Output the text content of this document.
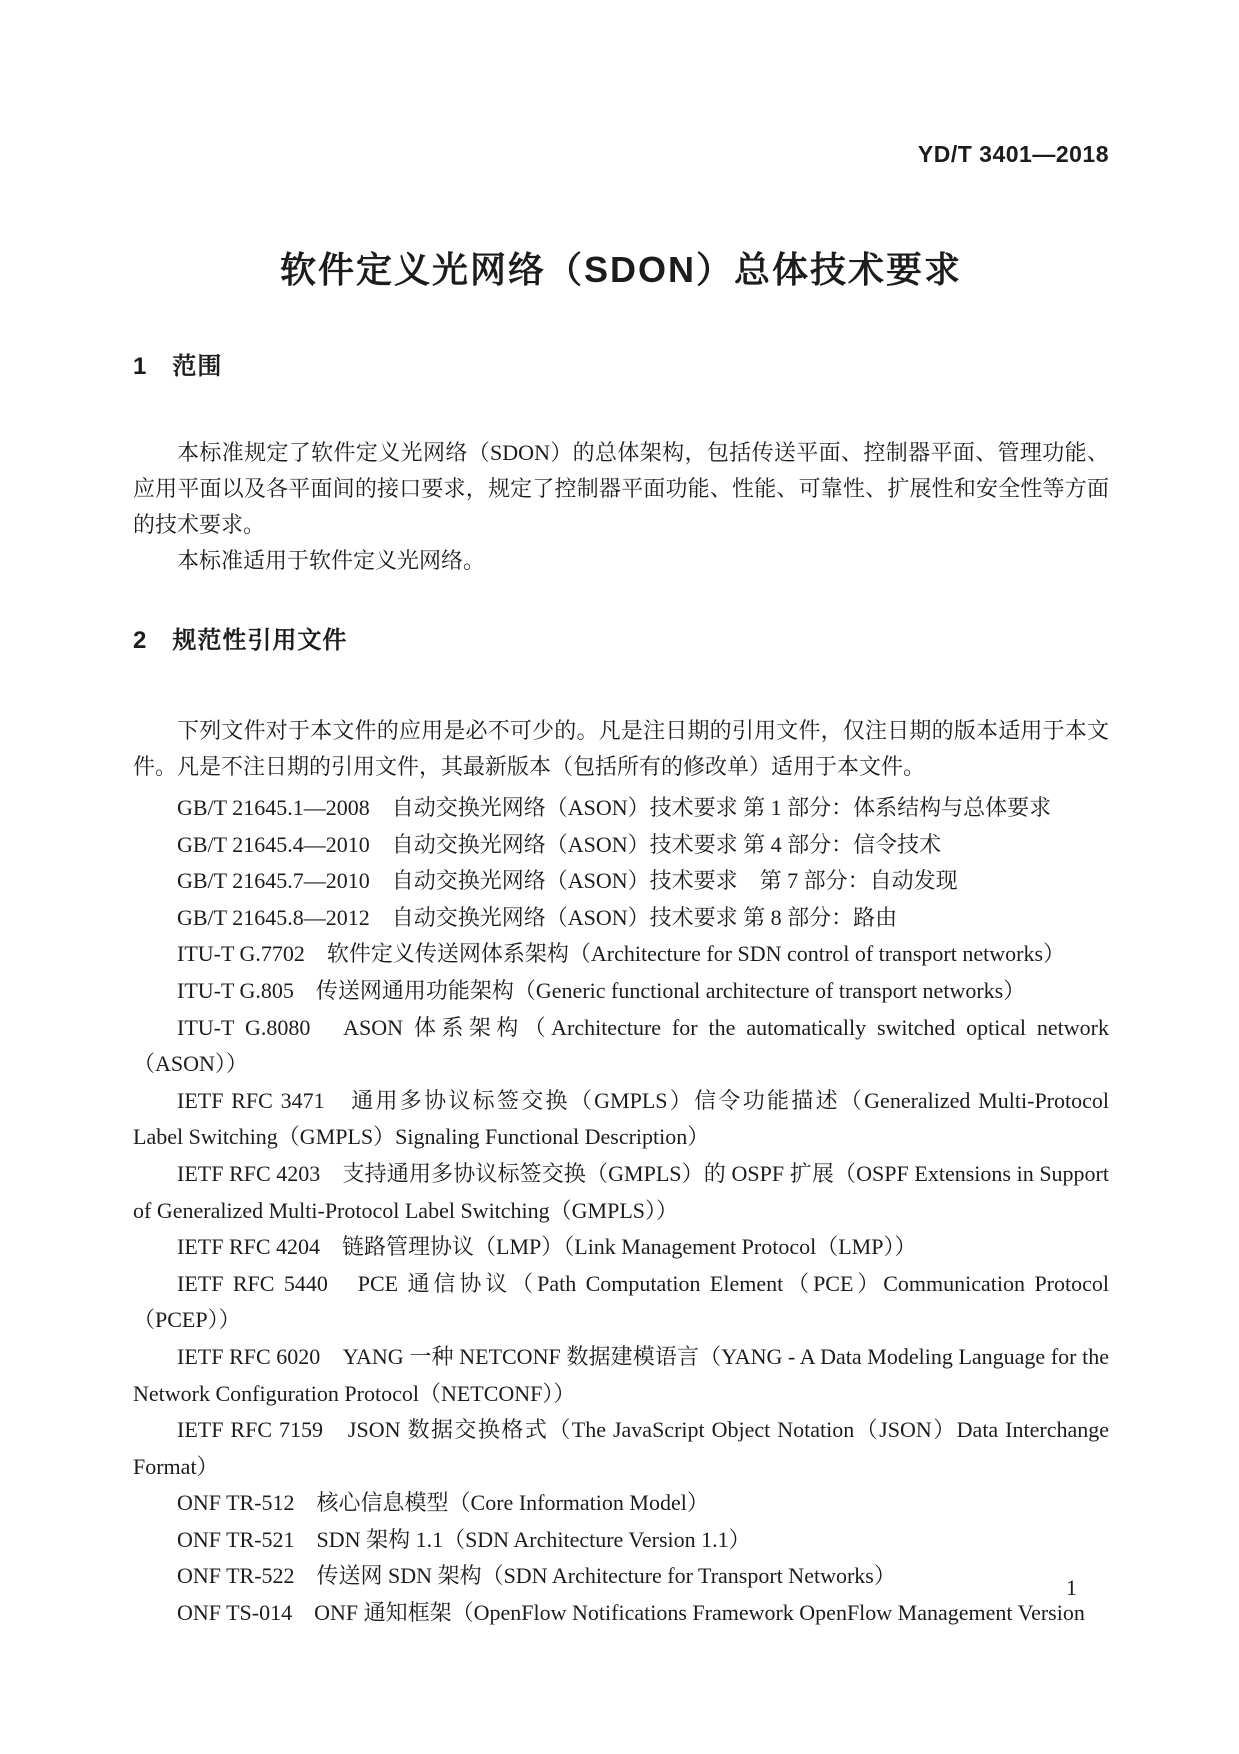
YD/T 3401—2018
软件定义光网络（SDON）总体技术要求
1　范围

本标准规定了软件定义光网络（SDON）的总体架构，包括传送平面、控制器平面、管理功能、应用平面以及各平面间的接口要求，规定了控制器平面功能、性能、可靠性、扩展性和安全性等方面的技术要求。

本标准适用于软件定义光网络。

2　规范性引用文件

下列文件对于本文件的应用是必不可少的。凡是注日期的引用文件，仅注日期的版本适用于本文件。凡是不注日期的引用文件，其最新版本（包括所有的修改单）适用于本文件。

GB/T 21645.1—2008　自动交换光网络（ASON）技术要求 第 1 部分：体系结构与总体要求

GB/T 21645.4—2010　自动交换光网络（ASON）技术要求 第 4 部分：信令技术

GB/T 21645.7—2010　自动交换光网络（ASON）技术要求　第 7 部分：自动发现

GB/T 21645.8—2012　自动交换光网络（ASON）技术要求 第 8 部分：路由

ITU-T G.7702　软件定义传送网体系架构（Architecture for SDN control of transport networks）

ITU-T G.805　传送网通用功能架构（Generic functional architecture of transport networks）

ITU-T G.8080　ASON 体系架构（Architecture for the automatically switched optical network（ASON））

IETF RFC 3471　通用多协议标签交换（GMPLS）信令功能描述（Generalized Multi-Protocol Label Switching（GMPLS）Signaling Functional Description）

IETF RFC 4203　支持通用多协议标签交换（GMPLS）的 OSPF 扩展（OSPF Extensions in Support of Generalized Multi-Protocol Label Switching（GMPLS））

IETF RFC 4204　链路管理协议（LMP）（Link Management Protocol（LMP））

IETF RFC 5440　PCE 通信协议（Path Computation Element（PCE）Communication Protocol（PCEP））

IETF RFC 6020　YANG 一种 NETCONF 数据建模语言（YANG - A Data Modeling Language for the Network Configuration Protocol（NETCONF））

IETF RFC 7159　JSON 数据交换格式（The JavaScript Object Notation（JSON）Data Interchange Format）

ONF TR-512　核心信息模型（Core Information Model）

ONF TR-521　SDN 架构 1.1（SDN Architecture Version 1.1）

ONF TR-522　传送网 SDN 架构（SDN Architecture for Transport Networks）

ONF TS-014　ONF 通知框架（OpenFlow Notifications Framework OpenFlow Management Version

1
